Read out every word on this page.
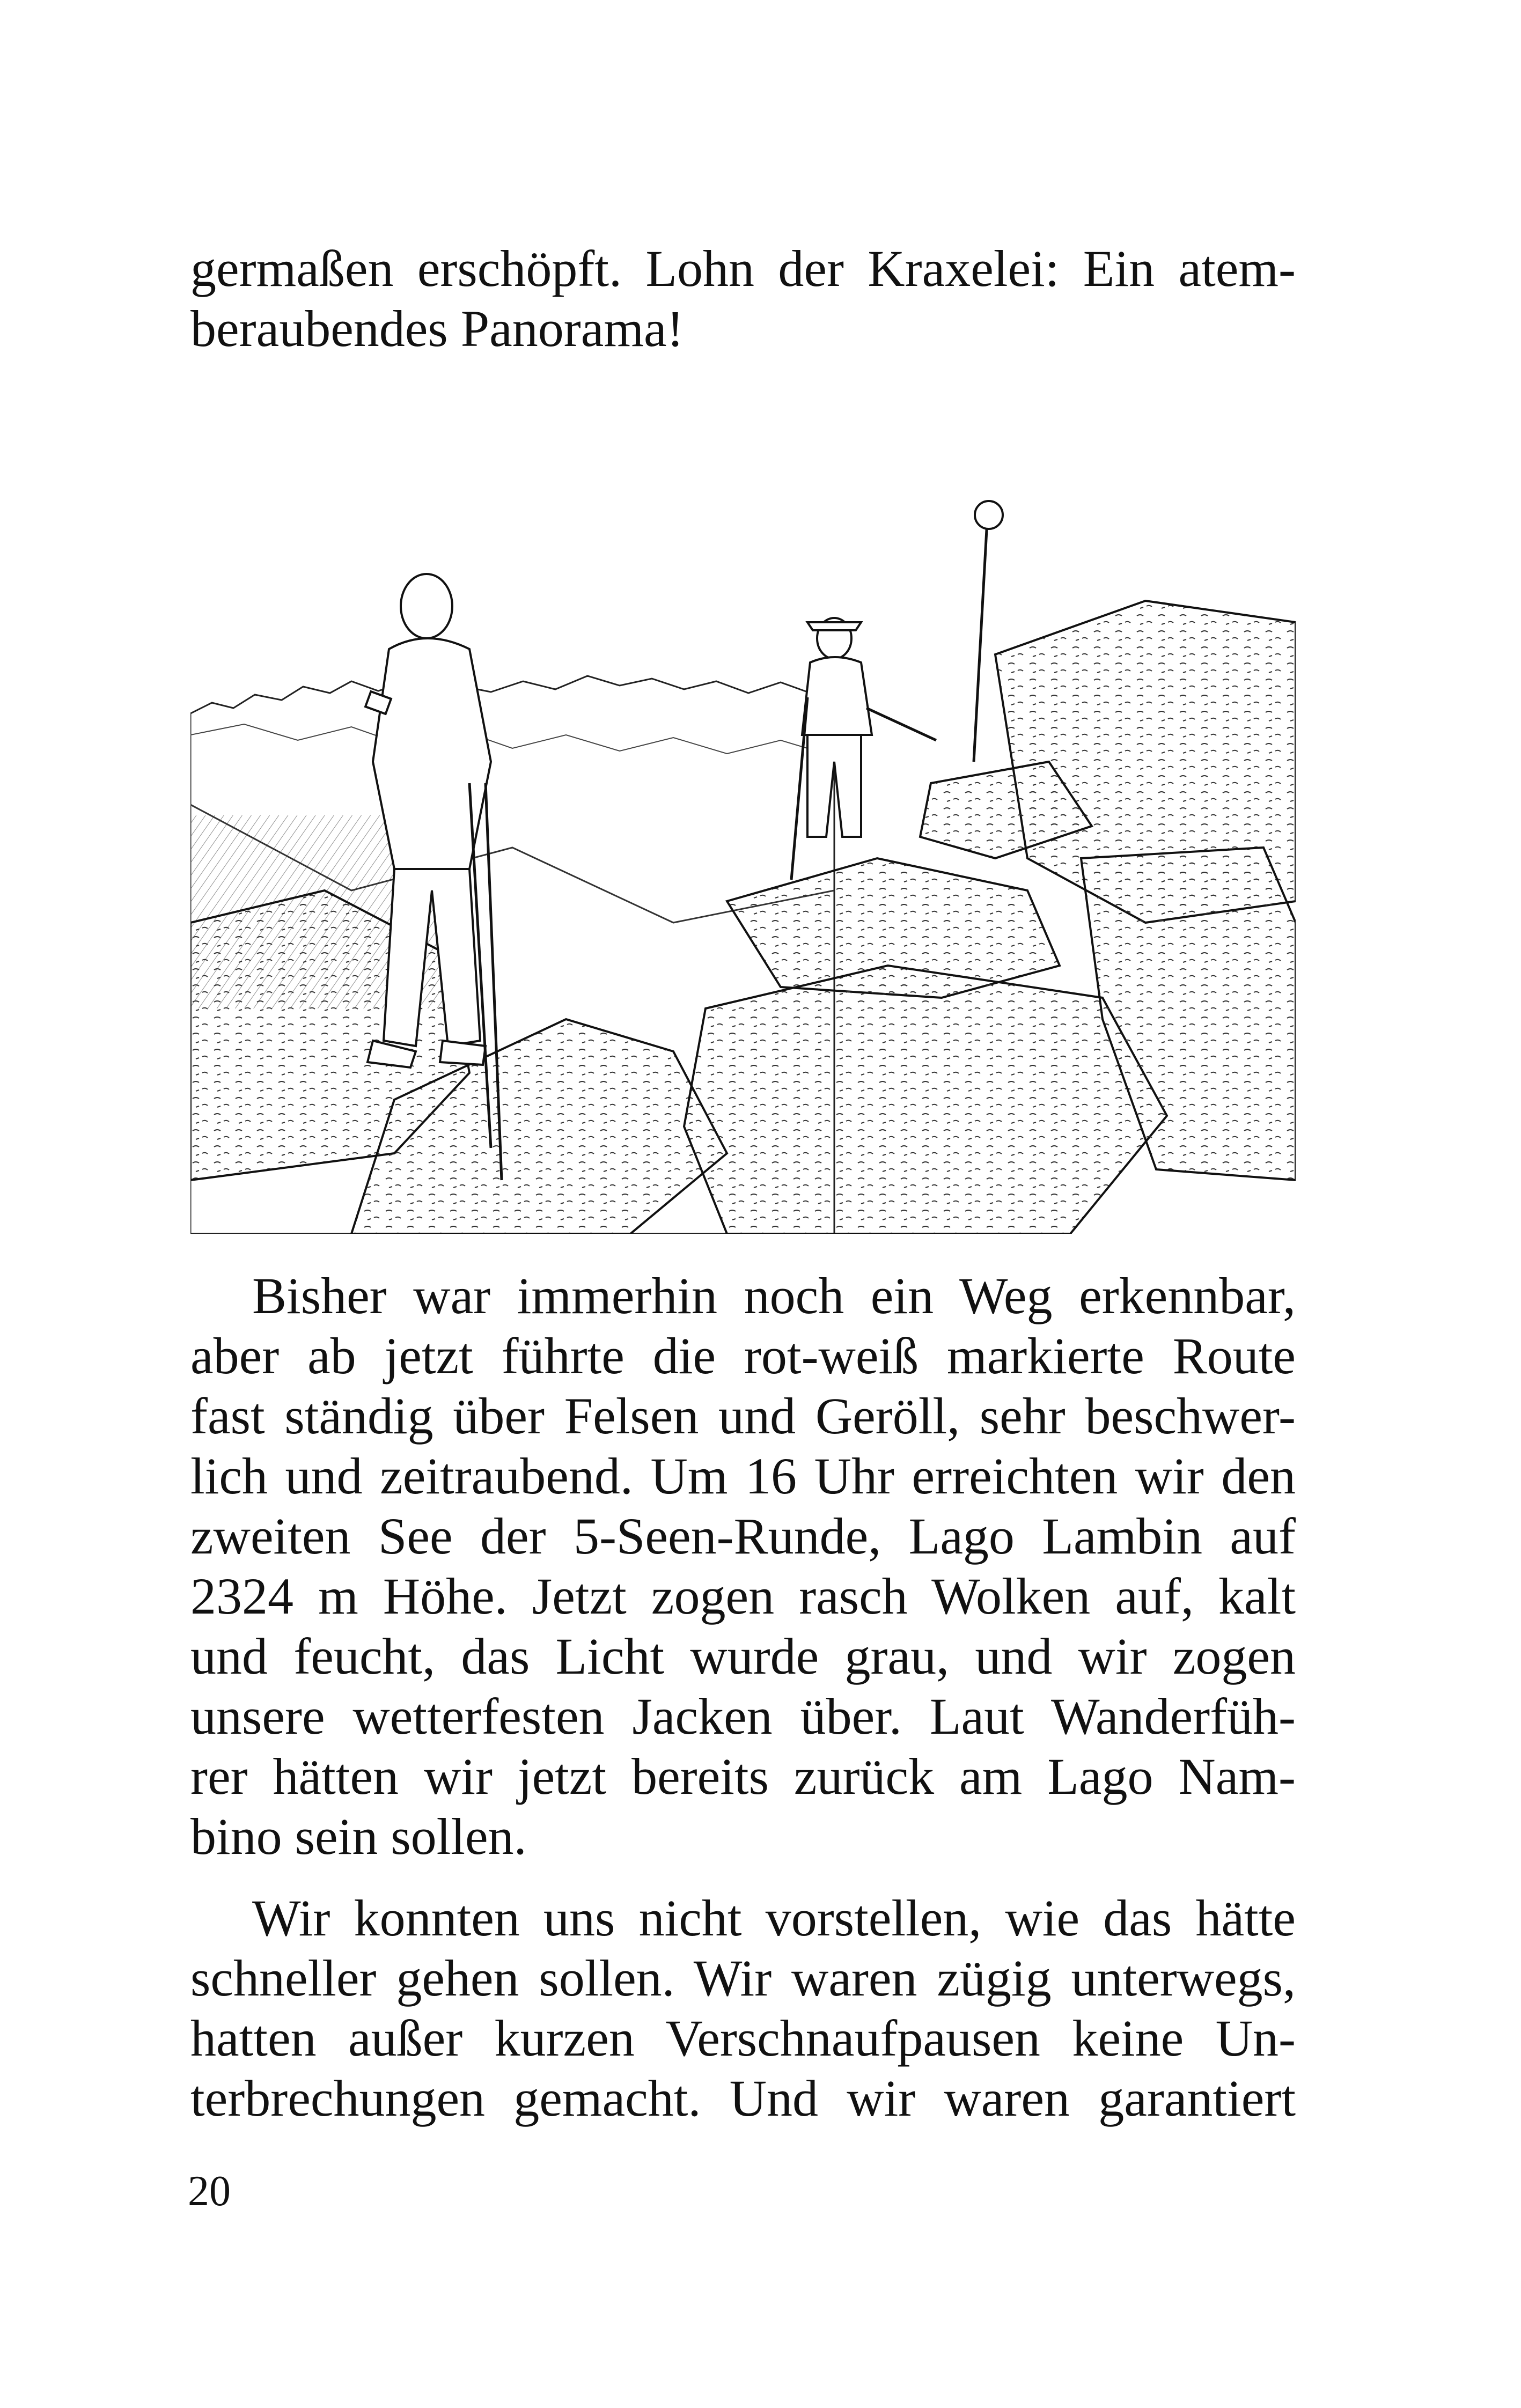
germaßen erschöpft. Lohn der Kraxelei: Ein atem-
beraubendes Panorama!
Bisher war immerhin noch ein Weg erkennbar,
aber ab jetzt führte die rot-weiß markierte Route
fast ständig über Felsen und Geröll, sehr beschwer-
lich und zeitraubend. Um 16 Uhr erreichten wir den
zweiten See der 5-Seen-Runde, Lago Lambin auf
2324 m Höhe. Jetzt zogen rasch Wolken auf, kalt
und feucht, das Licht wurde grau, und wir zogen
unsere wetterfesten Jacken über. Laut Wanderfüh-
rer hätten wir jetzt bereits zurück am Lago Nam-
bino sein sollen.
Wir konnten uns nicht vorstellen, wie das hätte
schneller gehen sollen. Wir waren zügig unterwegs,
hatten außer kurzen Verschnaufpausen keine Un-
terbrechungen gemacht. Und wir waren garantiert
20
